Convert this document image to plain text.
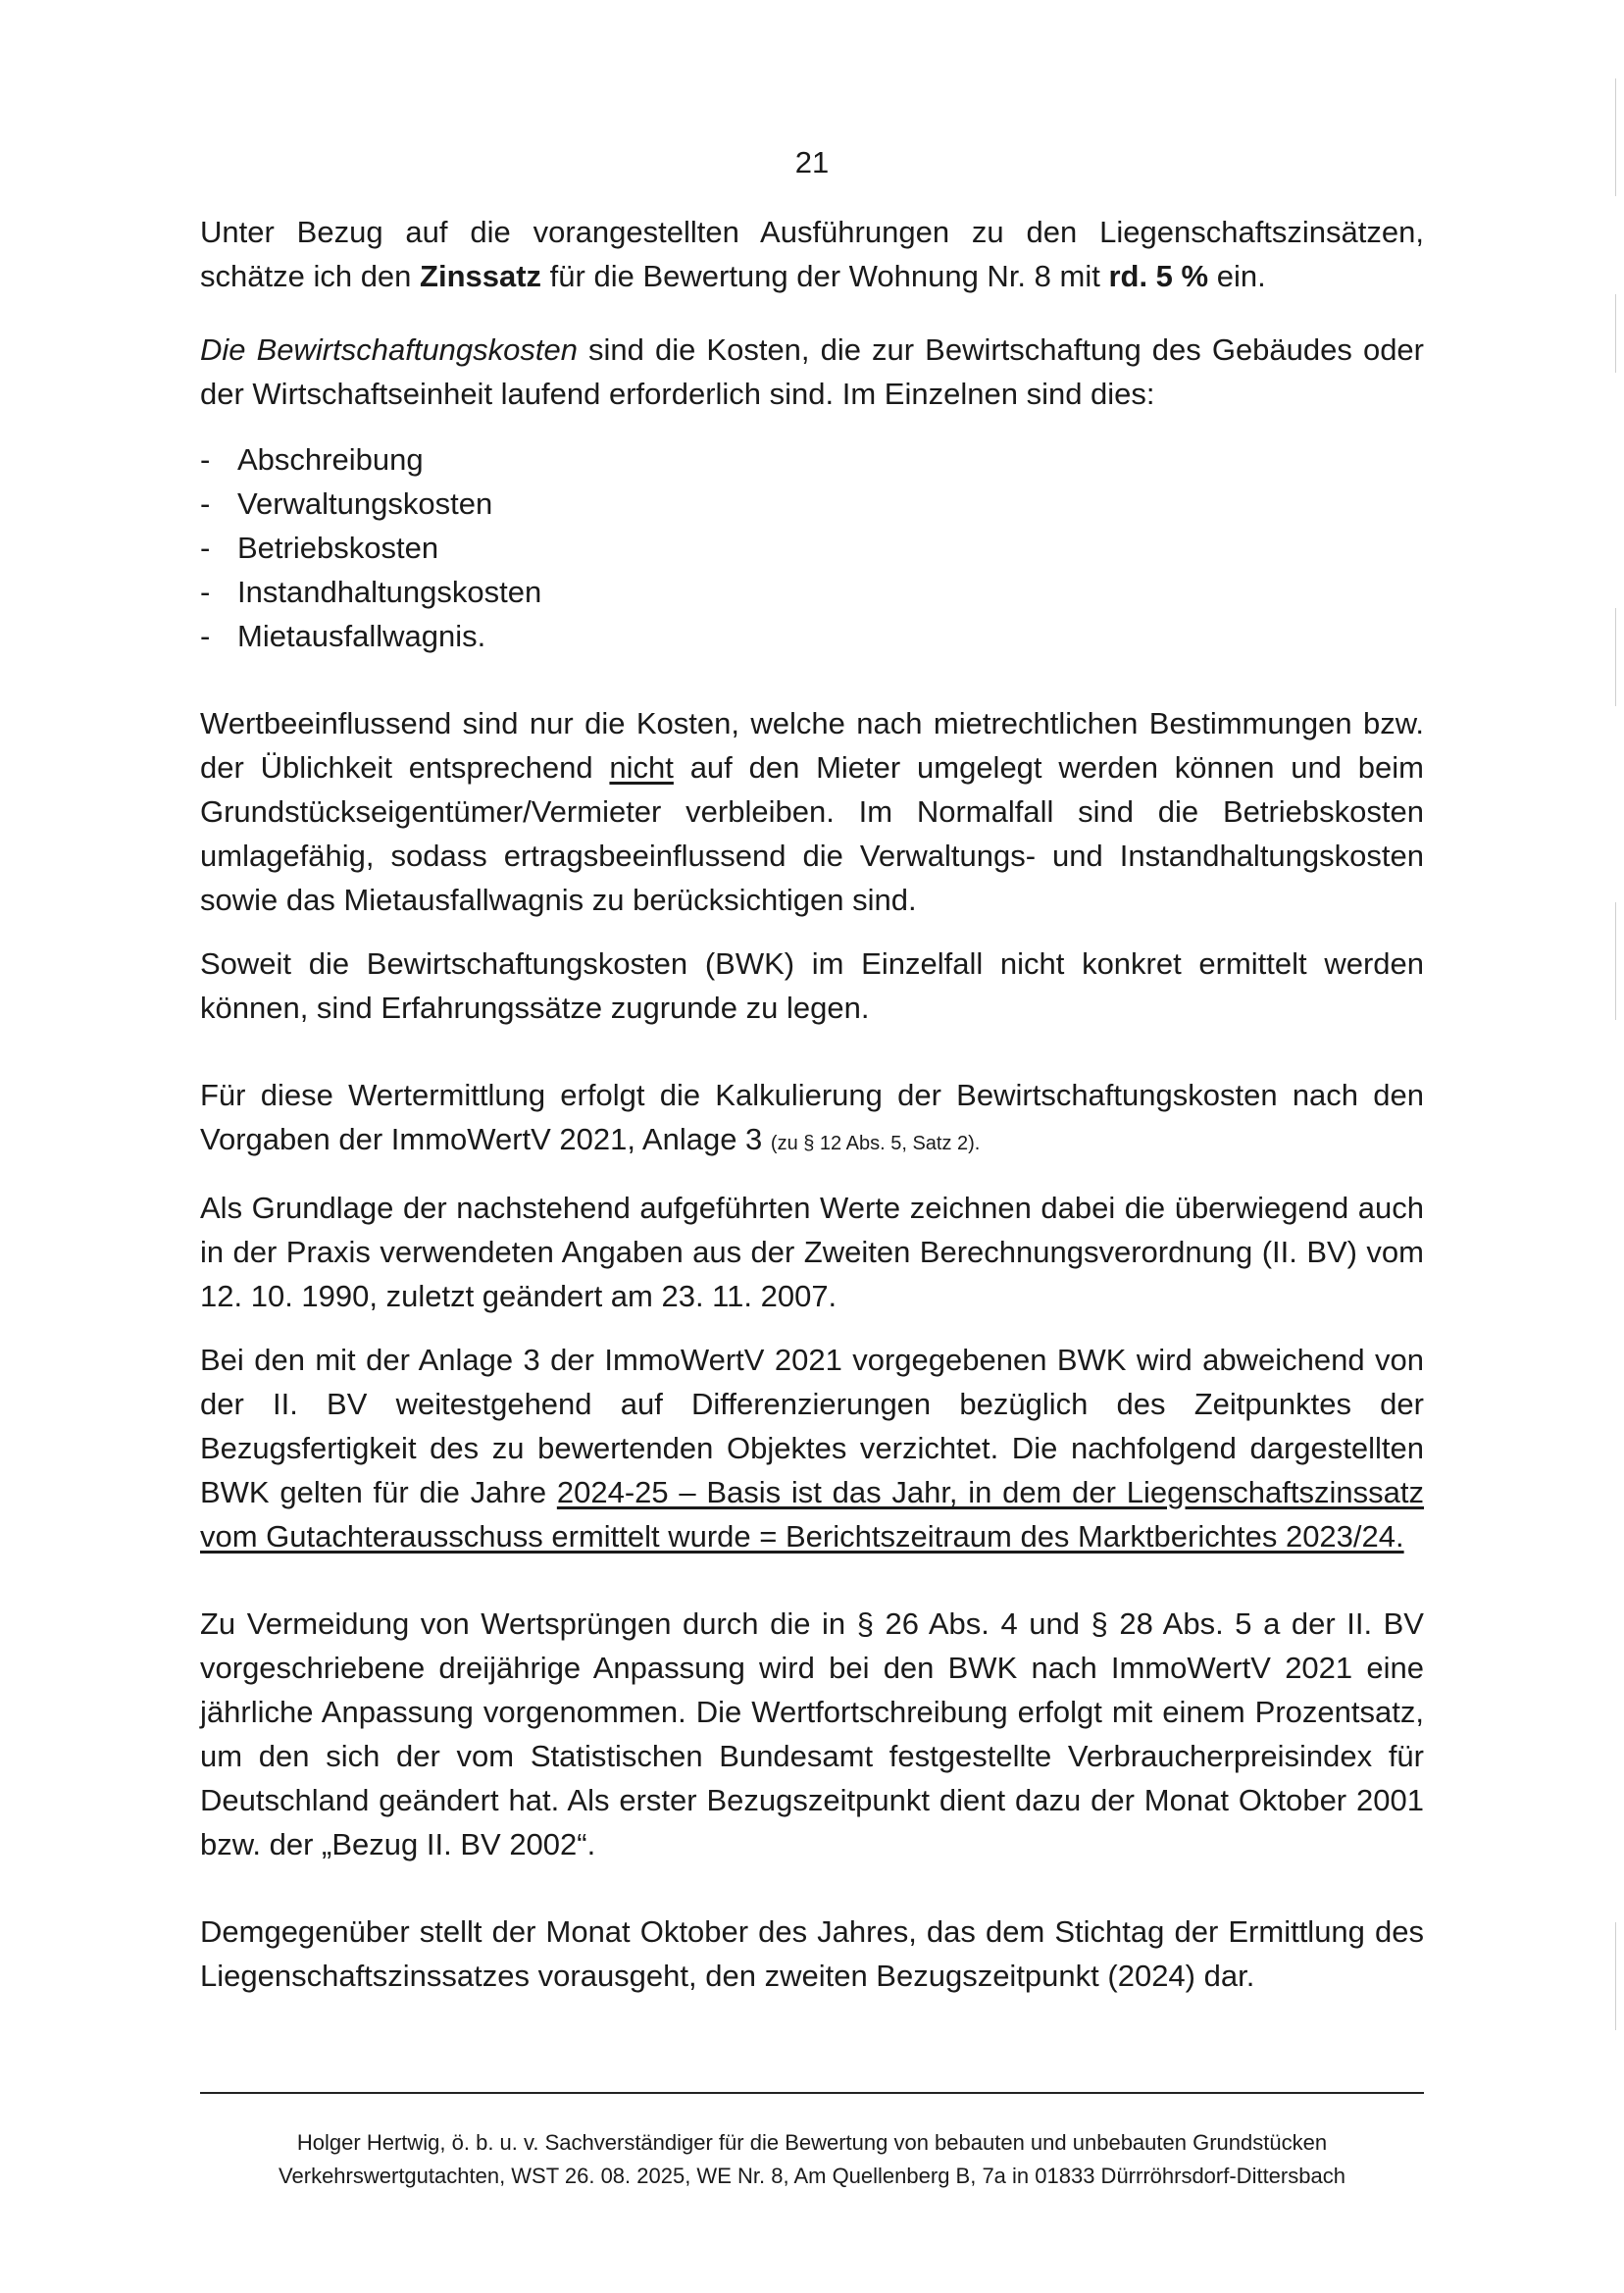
21

Unter Bezug auf die vorangestellten Ausführungen zu den Liegenschaftszinsätzen, schätze ich den Zinssatz für die Bewertung der Wohnung Nr. 8 mit rd. 5 % ein.

Die Bewirtschaftungskosten sind die Kosten, die zur Bewirtschaftung des Gebäudes oder der Wirtschaftseinheit laufend erforderlich sind. Im Einzelnen sind dies:

- Abschreibung
- Verwaltungskosten
- Betriebskosten
- Instandhaltungskosten
- Mietausfallwagnis.

Wertbeeinflussend sind nur die Kosten, welche nach mietrechtlichen Bestimmungen bzw. der Üblichkeit entsprechend nicht auf den Mieter umgelegt werden können und beim Grundstückseigentümer/Vermieter verbleiben. Im Normalfall sind die Betriebskosten umlagefähig, sodass ertragsbeeinflussend die Verwaltungs- und Instandhaltungskosten sowie das Mietausfallwagnis zu berücksichtigen sind.

Soweit die Bewirtschaftungskosten (BWK) im Einzelfall nicht konkret ermittelt werden können, sind Erfahrungssätze zugrunde zu legen.

Für diese Wertermittlung erfolgt die Kalkulierung der Bewirtschaftungskosten nach den Vorgaben der ImmoWertV 2021, Anlage 3 (zu § 12 Abs. 5, Satz 2).

Als Grundlage der nachstehend aufgeführten Werte zeichnen dabei die überwiegend auch in der Praxis verwendeten Angaben aus der Zweiten Berechnungsverordnung (II. BV) vom 12. 10. 1990, zuletzt geändert am 23. 11. 2007.

Bei den mit der Anlage 3 der ImmoWertV 2021 vorgegebenen BWK wird abweichend von der II. BV weitestgehend auf Differenzierungen bezüglich des Zeitpunktes der Bezugsfertigkeit des zu bewertenden Objektes verzichtet. Die nachfolgend dargestellten BWK gelten für die Jahre 2024-25 – Basis ist das Jahr, in dem der Liegenschaftszinssatz vom Gutachterausschuss ermittelt wurde = Berichtszeitraum des Marktberichtes 2023/24.

Zu Vermeidung von Wertsprüngen durch die in § 26 Abs. 4 und § 28 Abs. 5 a der II. BV vorgeschriebene dreijährige Anpassung wird bei den BWK nach ImmoWertV 2021 eine jährliche Anpassung vorgenommen. Die Wertfortschreibung erfolgt mit einem Prozentsatz, um den sich der vom Statistischen Bundesamt festgestellte Verbraucherpreisindex für Deutschland geändert hat. Als erster Bezugszeitpunkt dient dazu der Monat Oktober 2001 bzw. der „Bezug II. BV 2002“.

Demgegenüber stellt der Monat Oktober des Jahres, das dem Stichtag der Ermittlung des Liegenschaftszinssatzes vorausgeht, den zweiten Bezugszeitpunkt (2024) dar.

Holger Hertwig, ö. b. u. v. Sachverständiger für die Bewertung von bebauten und unbebauten Grundstücken
Verkehrswertgutachten, WST 26. 08. 2025, WE Nr. 8, Am Quellenberg B, 7a in 01833 Dürrröhrsdorf-Dittersbach
